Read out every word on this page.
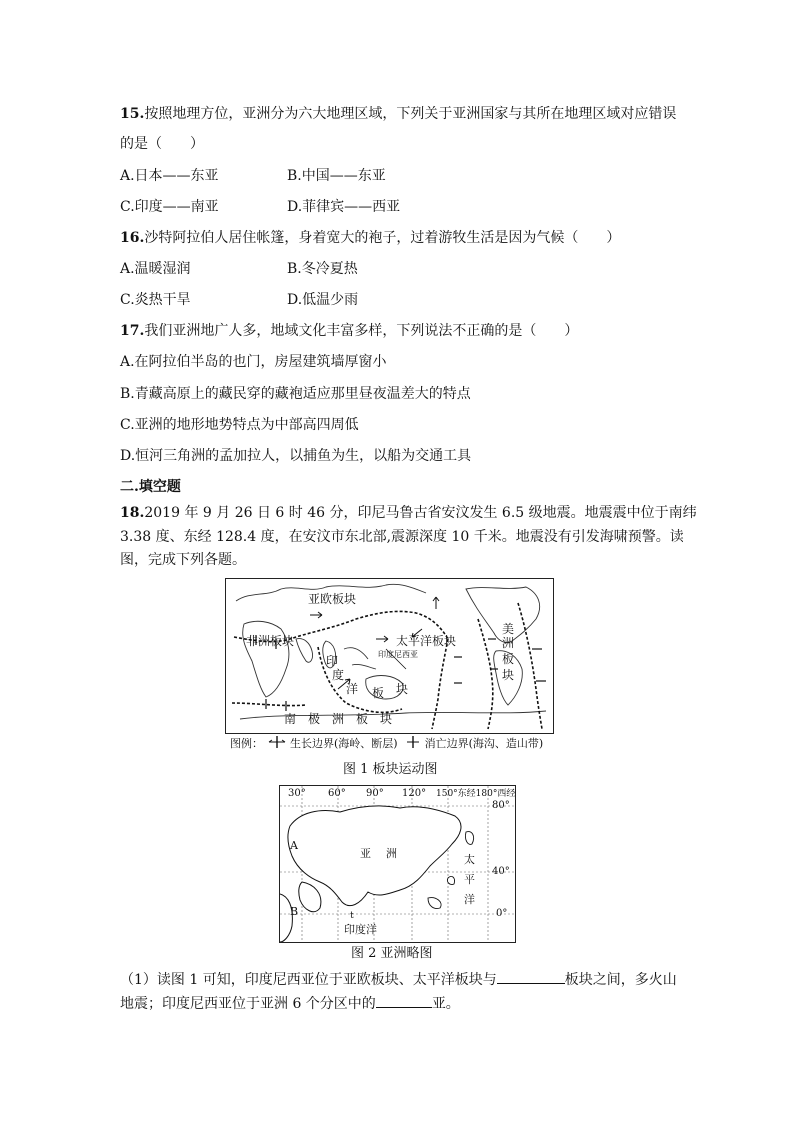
15.按照地理方位，亚洲分为六大地理区域，下列关于亚洲国家与其所在地理区域对应错误
的是（　　）
A.日本——东亚	B.中国——东亚
C.印度——南亚	D.菲律宾——西亚
16.沙特阿拉伯人居住帐篷，身着宽大的袍子，过着游牧生活是因为气候（　　）
A.温暖湿润	B.冬冷夏热
C.炎热干旱	D.低温少雨
17.我们亚洲地广人多，地域文化丰富多样，下列说法不正确的是（　　）
A.在阿拉伯半岛的也门，房屋建筑墙厚窗小
B.青藏高原上的藏民穿的藏袍适应那里昼夜温差大的特点
C.亚洲的地形地势特点为中部高四周低
D.恒河三角洲的孟加拉人，以捕鱼为生，以船为交通工具
二.填空题
18.2019 年 9 月 26 日 6 时 46 分，印尼马鲁古省安汶发生 6.5 级地震。地震震中位于南纬
3.38 度、东经 128.4 度，在安汶市东北部,震源深度 10 千米。地震没有引发海啸预警。读
图，完成下列各题。
亚欧板块
非洲板块	太平洋板块
印度尼西亚
美
洲
板
块
印
度
洋 板 块
南　极　洲　板　块
图例： 生长边界(海岭、断层) 消亡边界(海沟、造山带)
图 1 板块运动图
30° 60° 90° 120° 150°东经180°西经
80°
40°
0°
亚 洲	太
平
洋
A
B
印度洋
t
图 2 亚洲略图
（1）读图 1 可知，印度尼西亚位于亚欧板块、太平洋板块与	板块之间，多火山
地震；印度尼西亚位于亚洲 6 个分区中的	亚。
